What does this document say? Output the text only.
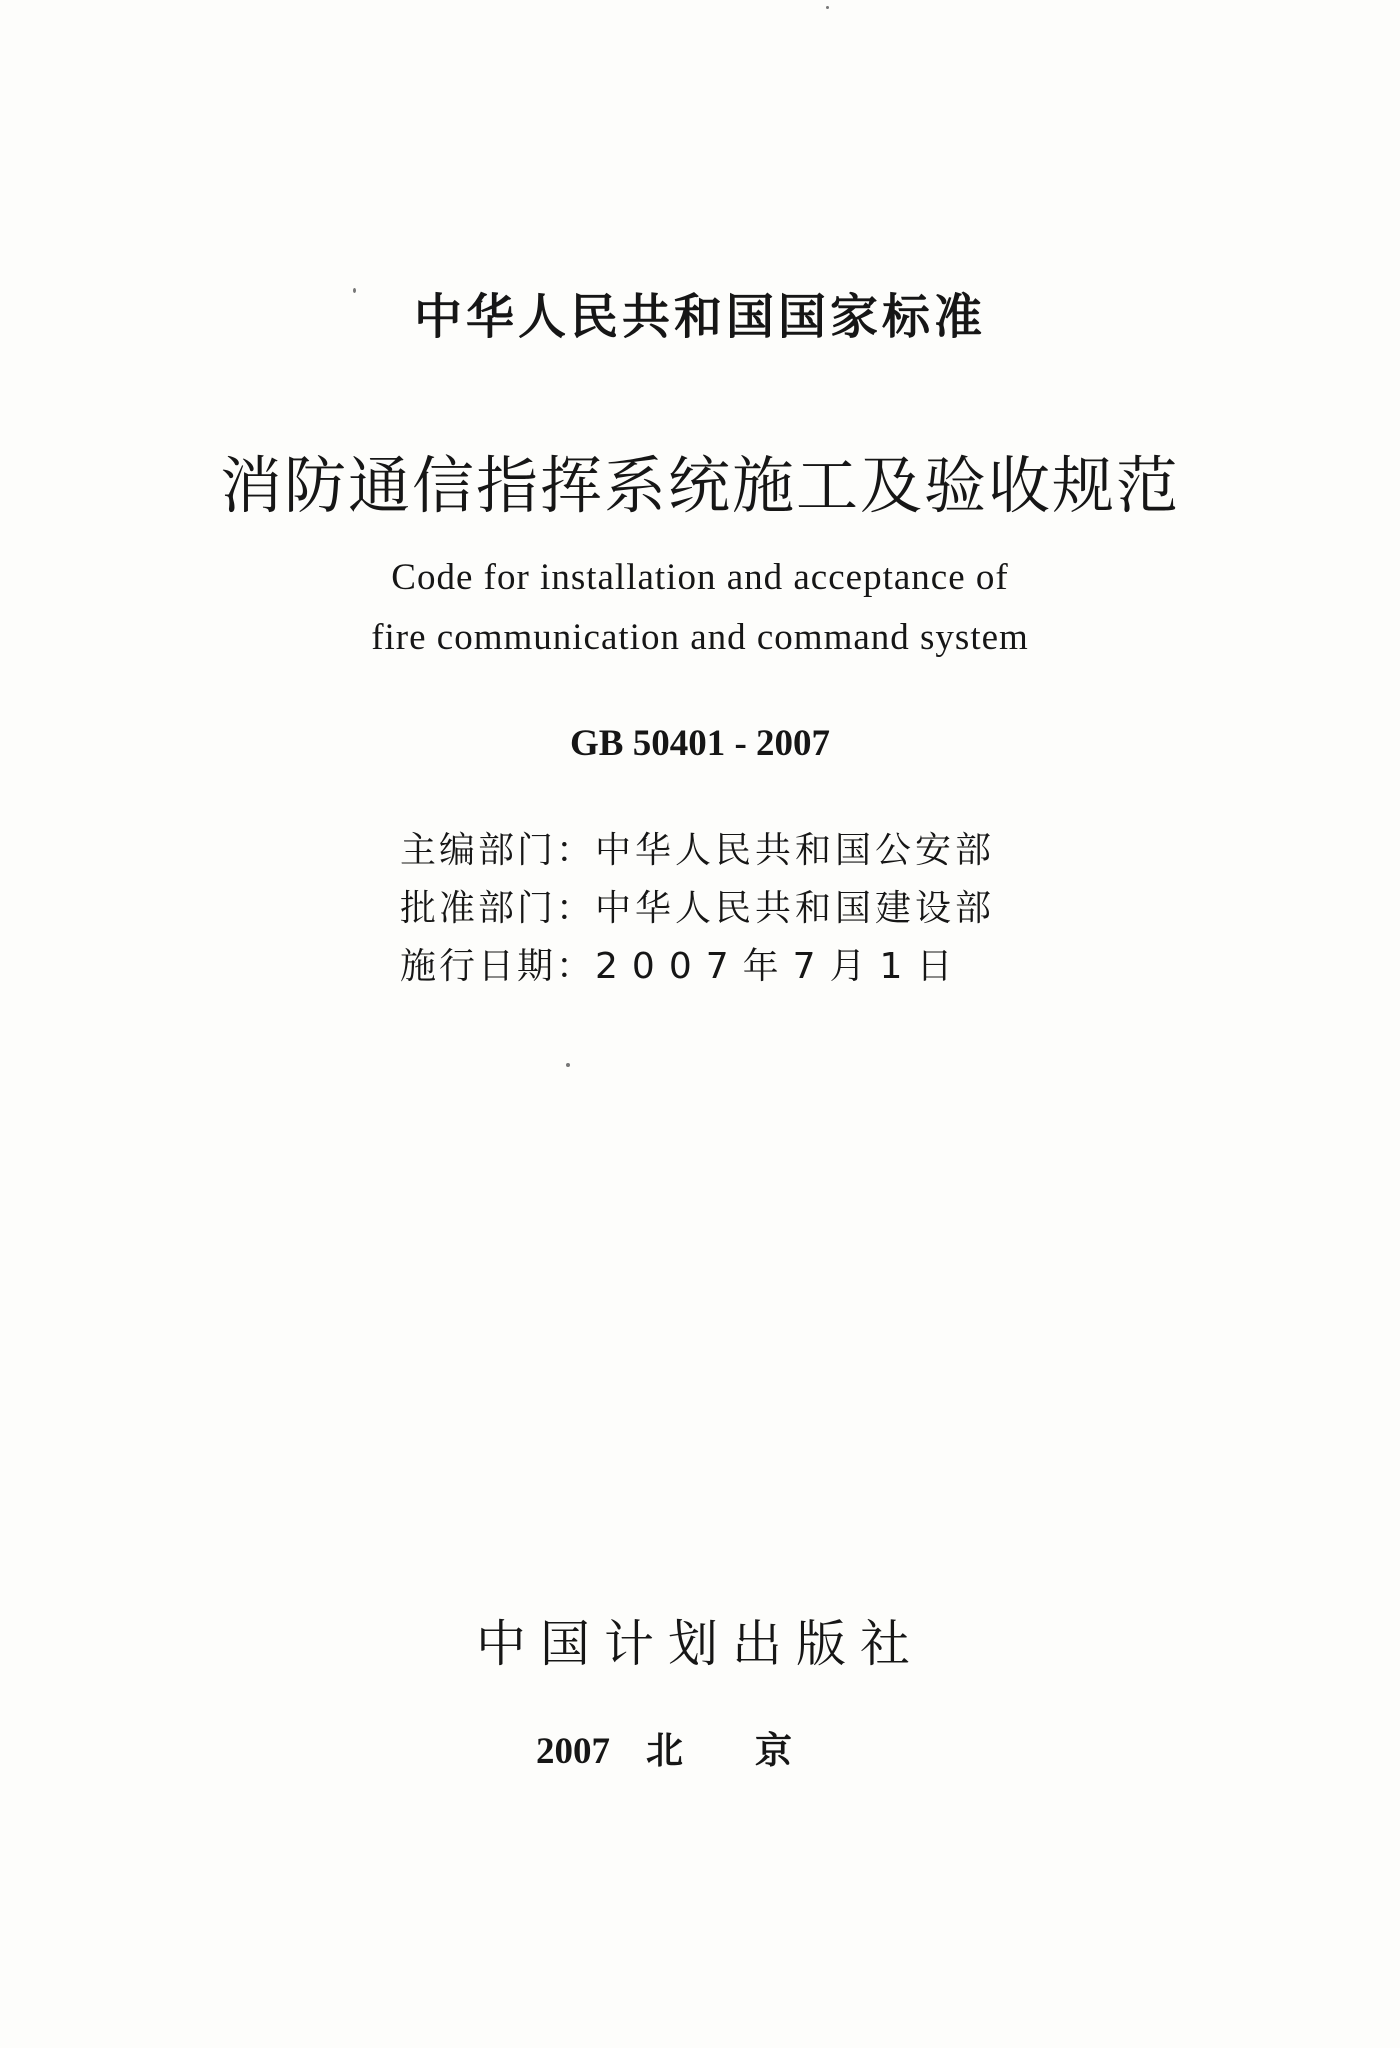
中华人民共和国国家标准
消防通信指挥系统施工及验收规范
Code for installation and acceptance of
fire communication and command system
GB 50401 - 2007
主编部门：中华人民共和国公安部
批准部门：中华人民共和国建设部
施行日期：2007年7月1日
中国计划出版社
2007 北京
